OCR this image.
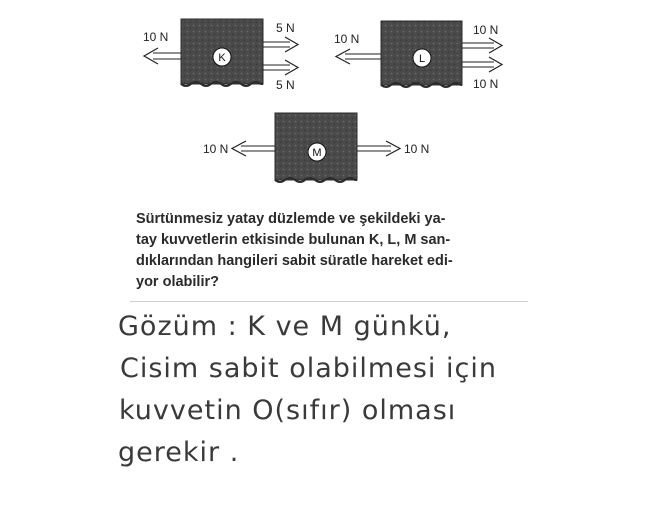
K
10 N
5 N
5 N
L
10 N
10 N
10 N
M
10 N	10 N

Sürtünmesiz yatay düzlemde ve şekildeki ya-
tay kuvvetlerin etkisinde bulunan K, L, M san-
dıklarından hangileri sabit süratle hareket edi-
yor olabilir?

Gözüm : K ve M günkü,
Cisim sabit olabilmesi için
kuvvetin O(sıfır) olması
gerekir .
